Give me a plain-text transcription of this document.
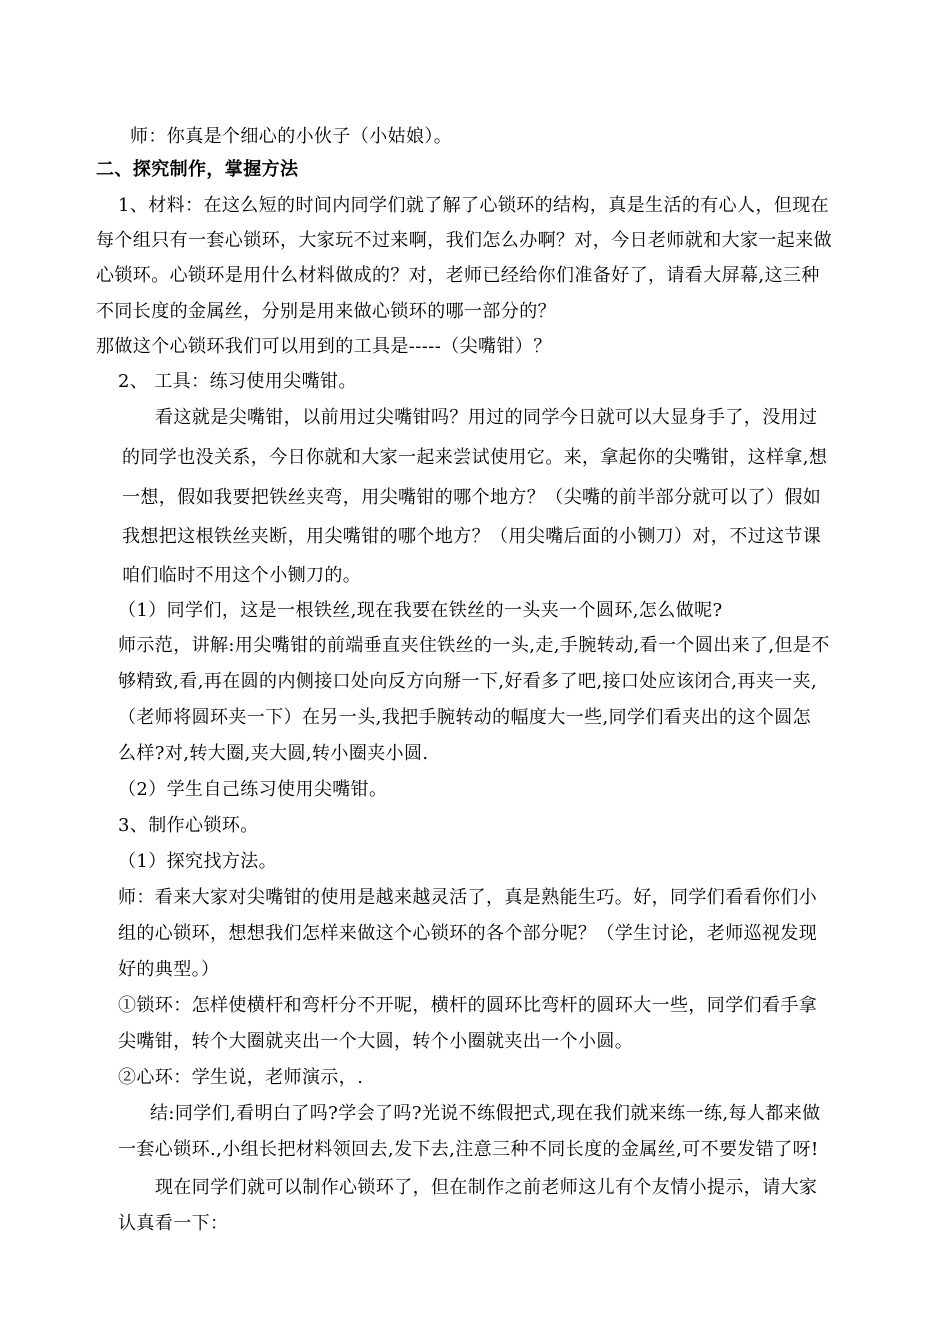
师：你真是个细心的小伙子（小姑娘）。
二、探究制作，掌握方法
1、材料：在这么短的时间内同学们就了解了心锁环的结构，真是生活的有心人，但现在
每个组只有一套心锁环，大家玩不过来啊，我们怎么办啊？对，今日老师就和大家一起来做
心锁环。心锁环是用什么材料做成的？对，老师已经给你们准备好了，请看大屏幕,这三种
不同长度的金属丝，分别是用来做心锁环的哪一部分的？
那做这个心锁环我们可以用到的工具是-----（尖嘴钳）？
2、 工具：练习使用尖嘴钳。
看这就是尖嘴钳，以前用过尖嘴钳吗？用过的同学今日就可以大显身手了，没用过
的同学也没关系，今日你就和大家一起来尝试使用它。来，拿起你的尖嘴钳，这样拿,想
一想，假如我要把铁丝夹弯，用尖嘴钳的哪个地方？（尖嘴的前半部分就可以了）假如
我想把这根铁丝夹断，用尖嘴钳的哪个地方？（用尖嘴后面的小铡刀）对，不过这节课
咱们临时不用这个小铡刀的。
（1）同学们，这是一根铁丝,现在我要在铁丝的一头夹一个圆环,怎么做呢?
师示范，讲解:用尖嘴钳的前端垂直夹住铁丝的一头,走,手腕转动,看一个圆出来了,但是不
够精致,看,再在圆的内侧接口处向反方向掰一下,好看多了吧,接口处应该闭合,再夹一夹,
（老师将圆环夹一下）在另一头,我把手腕转动的幅度大一些,同学们看夹出的这个圆怎
么样?对,转大圈,夹大圆,转小圈夹小圆.
（2）学生自己练习使用尖嘴钳。
3、制作心锁环。
（1）探究找方法。
师：看来大家对尖嘴钳的使用是越来越灵活了，真是熟能生巧。好，同学们看看你们小
组的心锁环，想想我们怎样来做这个心锁环的各个部分呢？（学生讨论，老师巡视发现
好的典型。）
①锁环：怎样使横杆和弯杆分不开呢，横杆的圆环比弯杆的圆环大一些，同学们看手拿
尖嘴钳，转个大圈就夹出一个大圆，转个小圈就夹出一个小圆。
②心环：学生说，老师演示，.
结:同学们,看明白了吗?学会了吗?光说不练假把式,现在我们就来练一练,每人都来做
一套心锁环.,小组长把材料领回去,发下去,注意三种不同长度的金属丝,可不要发错了呀!
现在同学们就可以制作心锁环了，但在制作之前老师这儿有个友情小提示，请大家
认真看一下：
